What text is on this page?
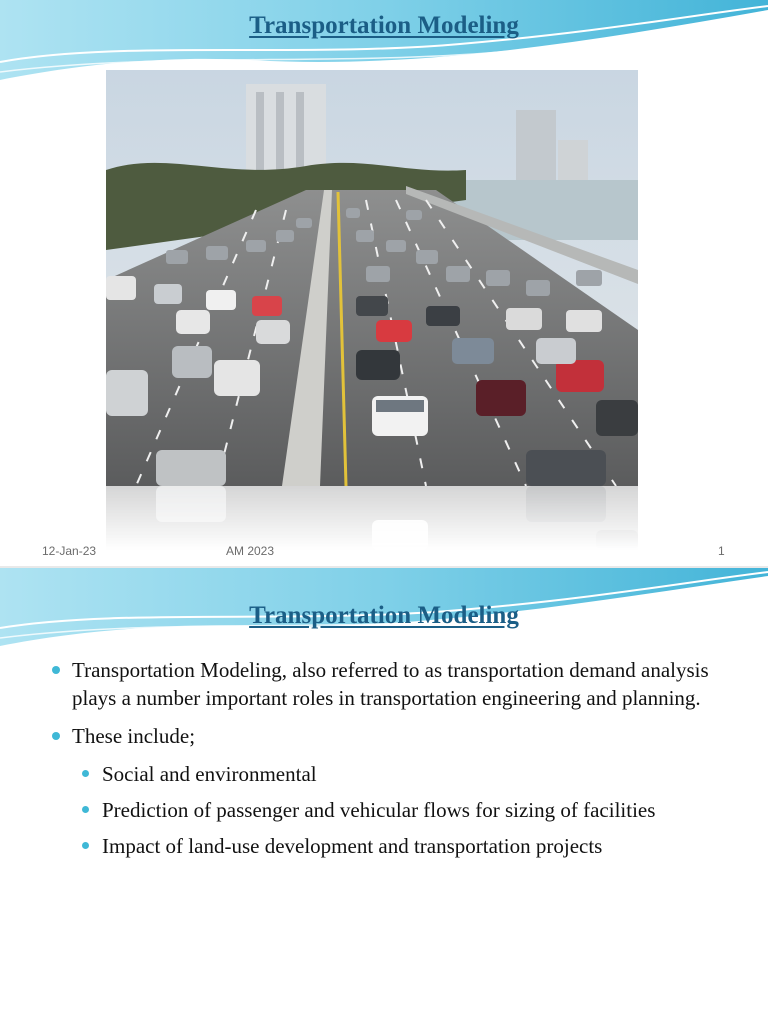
Transportation Modeling
12-Jan-23	AM 2023	1
Transportation Modeling
Transportation Modeling, also referred to as transportation demand analysis plays a number important roles in transportation engineering and planning.
These include;
Social and environmental
Prediction of passenger and vehicular flows for sizing of facilities
Impact of land-use development and transportation projects
